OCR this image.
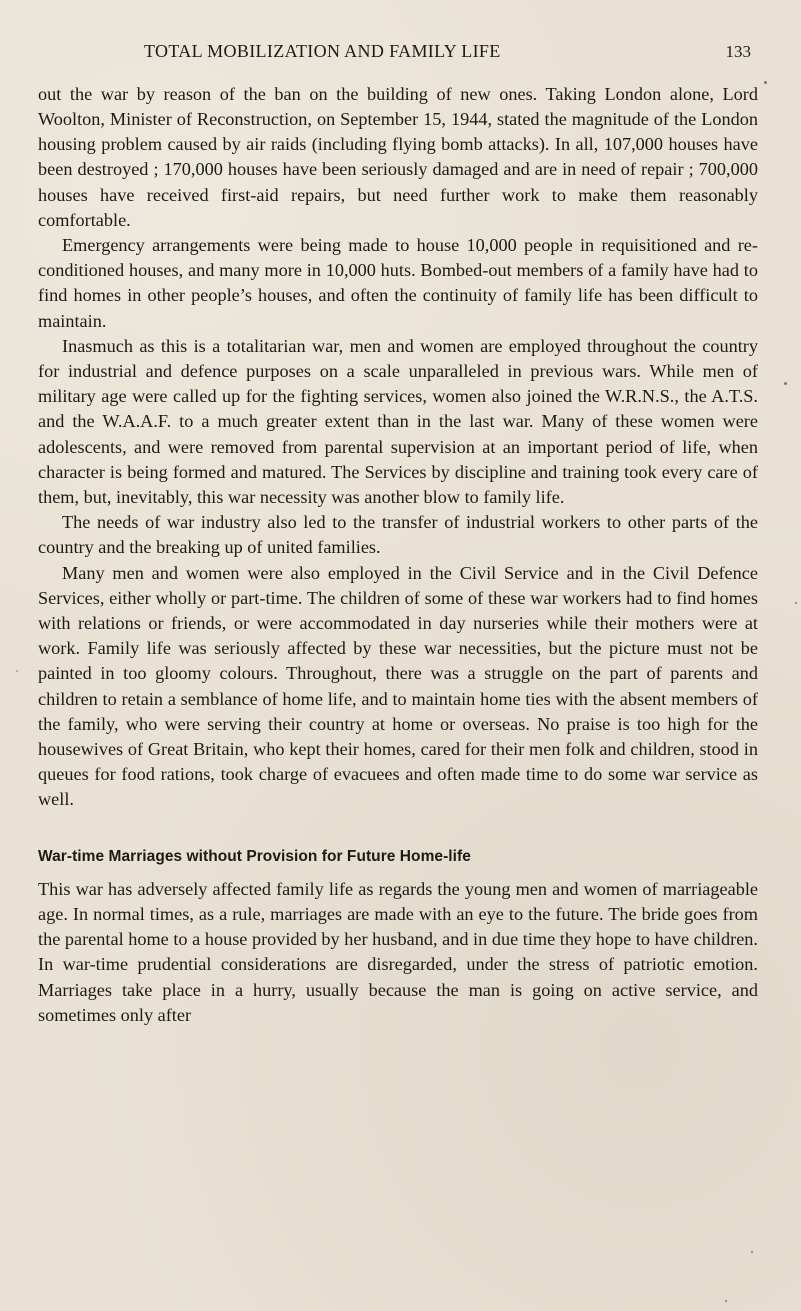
TOTAL MOBILIZATION AND FAMILY LIFE	133

out the war by reason of the ban on the building of new ones. Taking London alone, Lord Woolton, Minister of Reconstruction, on September 15, 1944, stated the magnitude of the London housing problem caused by air raids (including flying bomb attacks). In all, 107,000 houses have been destroyed ; 170,000 houses have been seriously damaged and are in need of repair ; 700,000 houses have received first-aid repairs, but need further work to make them reasonably comfortable.

Emergency arrangements were being made to house 10,000 people in requisitioned and re-conditioned houses, and many more in 10,000 huts. Bombed-out members of a family have had to find homes in other people’s houses, and often the continuity of family life has been difficult to maintain.

Inasmuch as this is a totalitarian war, men and women are employed throughout the country for industrial and defence purposes on a scale unparalleled in previous wars. While men of military age were called up for the fighting services, women also joined the W.R.N.S., the A.T.S. and the W.A.A.F. to a much greater extent than in the last war. Many of these women were adolescents, and were removed from parental supervision at an important period of life, when character is being formed and matured. The Services by discipline and training took every care of them, but, inevitably, this war necessity was another blow to family life.

The needs of war industry also led to the transfer of industrial workers to other parts of the country and the breaking up of united families.

Many men and women were also employed in the Civil Service and in the Civil Defence Services, either wholly or part-time. The children of some of these war workers had to find homes with relations or friends, or were accommodated in day nurseries while their mothers were at work. Family life was seriously affected by these war necessities, but the picture must not be painted in too gloomy colours. Throughout, there was a struggle on the part of parents and children to retain a semblance of home life, and to maintain home ties with the absent members of the family, who were serving their country at home or overseas. No praise is too high for the housewives of Great Britain, who kept their homes, cared for their men folk and children, stood in queues for food rations, took charge of evacuees and often made time to do some war service as well.

War-time Marriages without Provision for Future Home-life

This war has adversely affected family life as regards the young men and women of marriageable age. In normal times, as a rule, marriages are made with an eye to the future. The bride goes from the parental home to a house provided by her husband, and in due time they hope to have children. In war-time prudential considerations are disregarded, under the stress of patriotic emotion. Marriages take place in a hurry, usually because the man is going on active service, and sometimes only after
